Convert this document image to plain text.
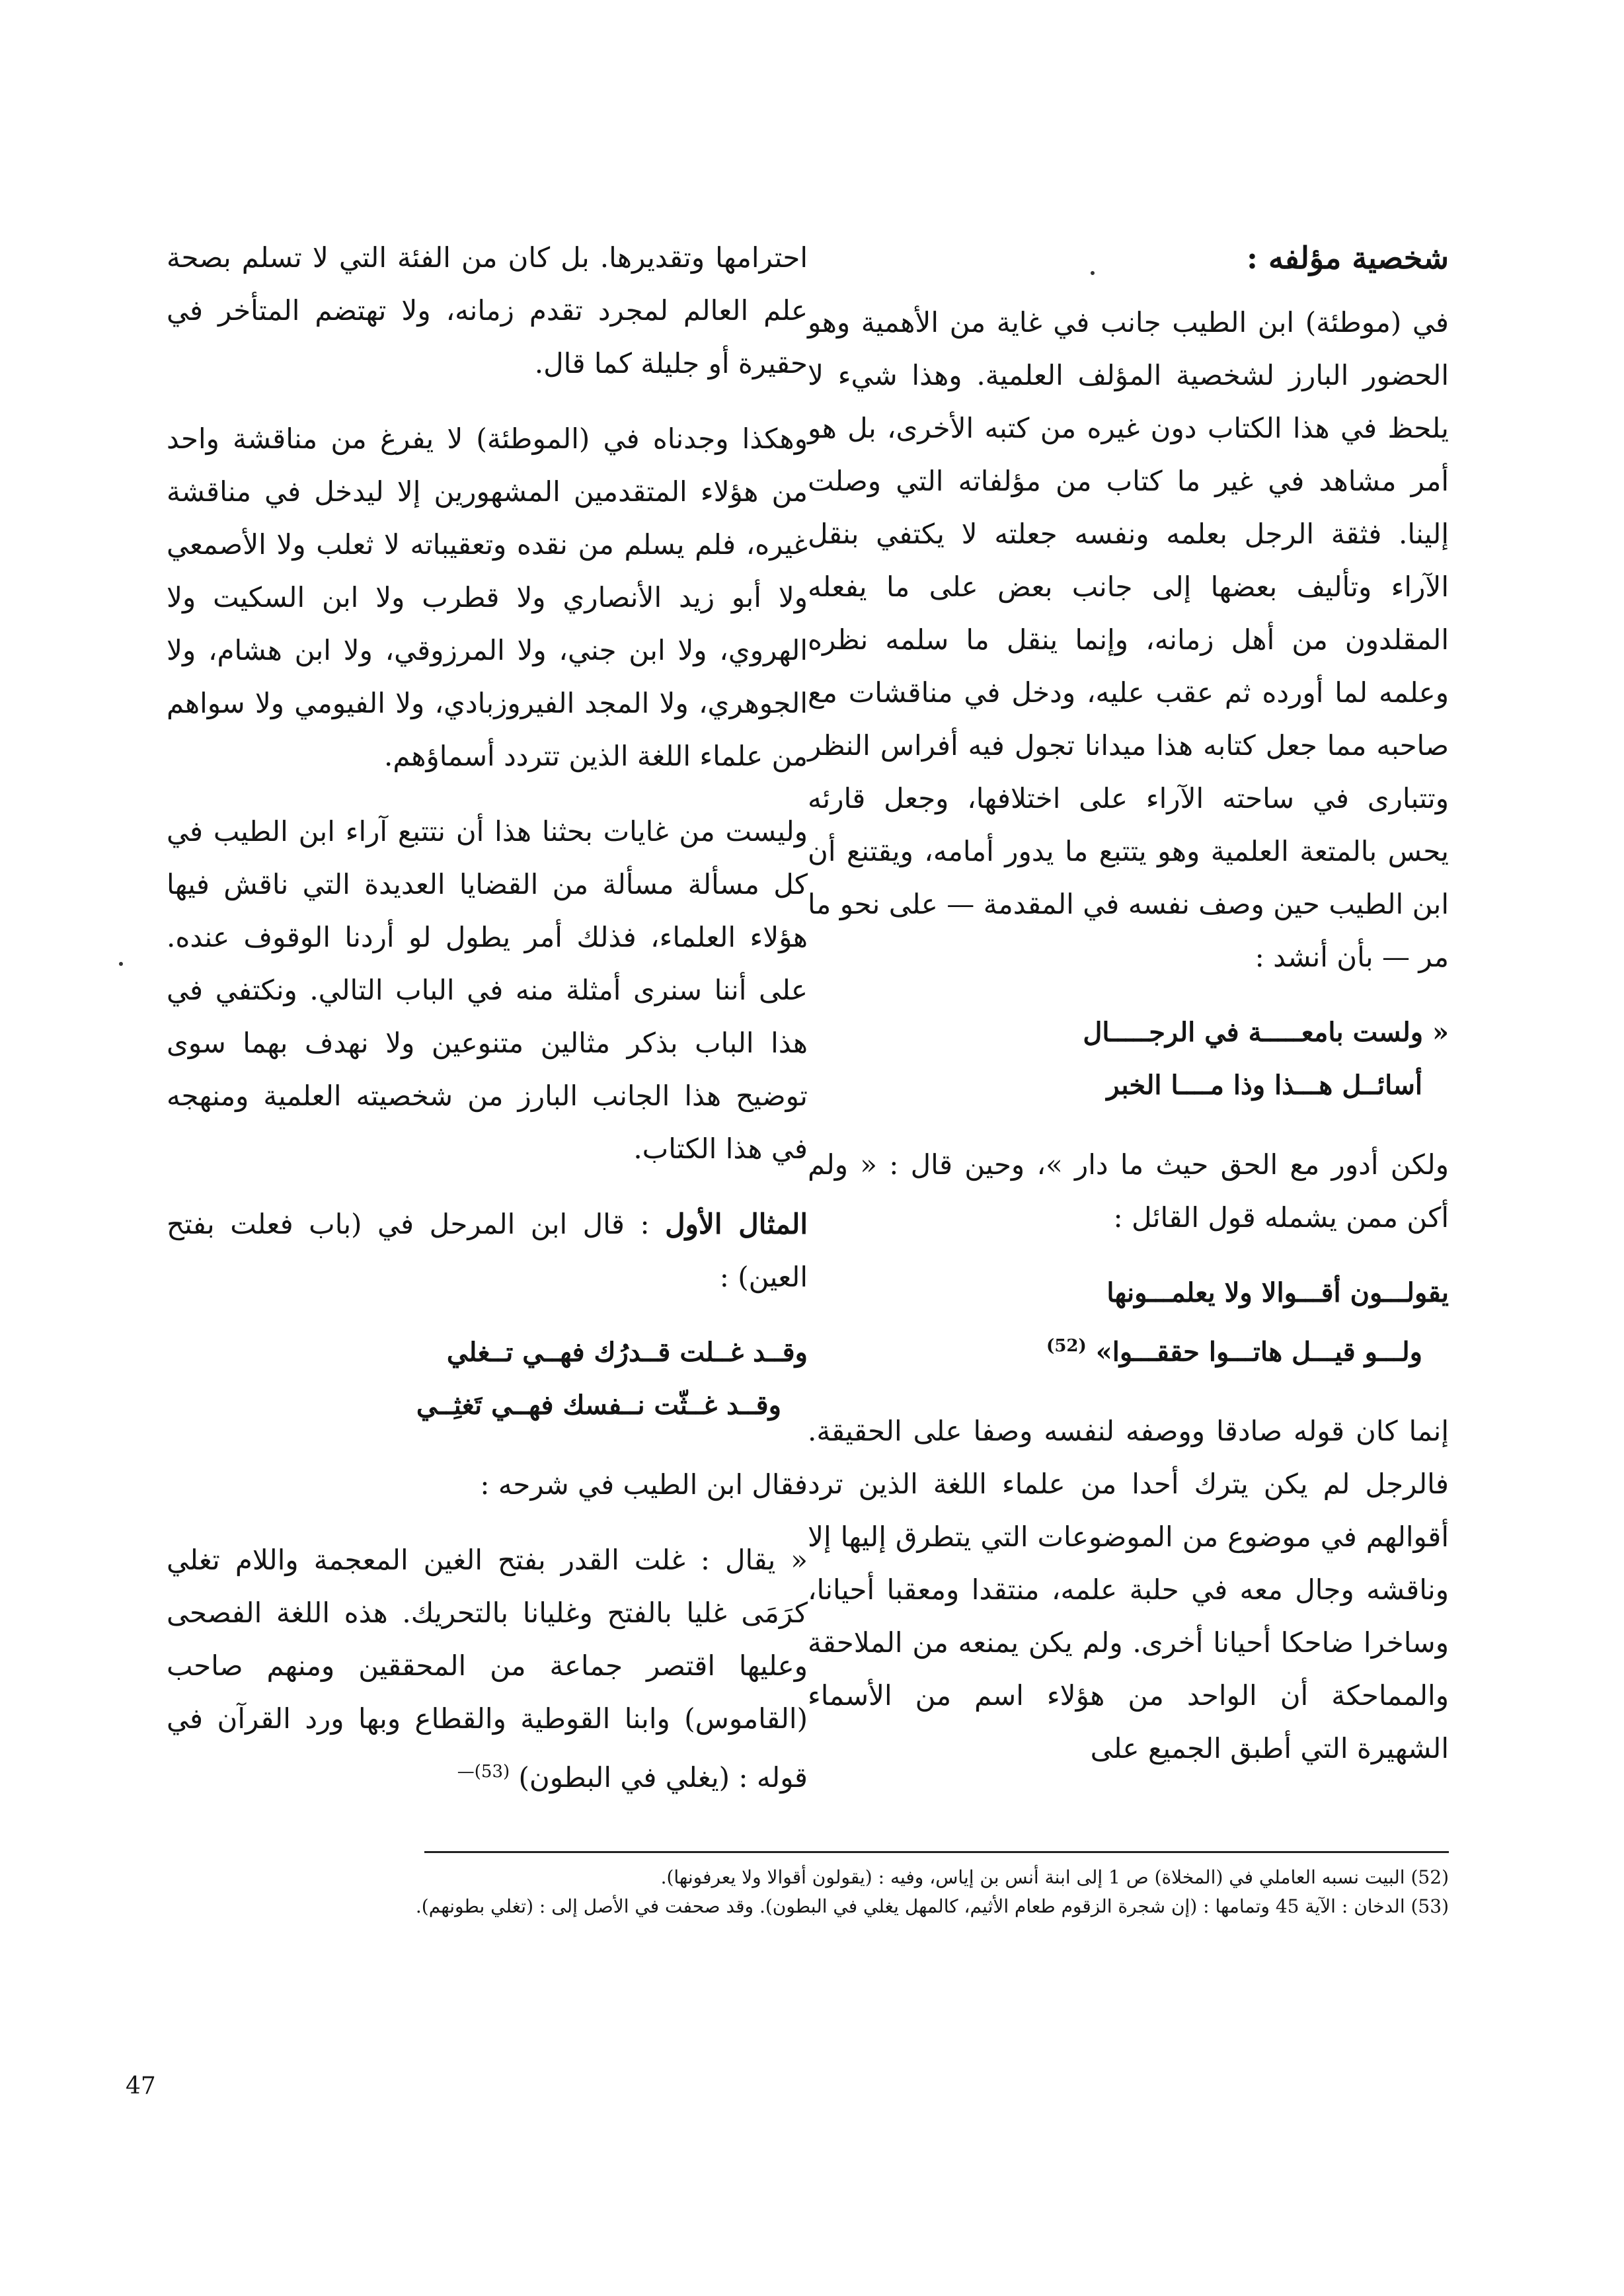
شخصية مؤلفه :

في (موطئة) ابن الطيب جانب في غاية من الأهمية وهو الحضور البارز لشخصية المؤلف العلمية. وهذا شيء لا يلحظ في هذا الكتاب دون غيره من كتبه الأخرى، بل هو أمر مشاهد في غير ما كتاب من مؤلفاته التي وصلت إلينا. فثقة الرجل بعلمه ونفسه جعلته لا يكتفي بنقل الآراء وتأليف بعضها إلى جانب بعض على ما يفعله المقلدون من أهل زمانه، وإنما ينقل ما سلمه نظره وعلمه لما أورده ثم عقب عليه، ودخل في مناقشات مع صاحبه مما جعل كتابه هذا ميدانا تجول فيه أفراس النظر وتتبارى في ساحته الآراء على اختلافها، وجعل قارئه يحس بالمتعة العلمية وهو يتتبع ما يدور أمامه، ويقتنع أن ابن الطيب حين وصف نفسه في المقدمة — على نحو ما مر — بأن أنشد :

« ولست بامعـــــة في الرجـــــال
أسائــل هـــذا وذا مــــا الخبر

ولكن أدور مع الحق حيث ما دار »، وحين قال : « ولم أكن ممن يشمله قول القائل :

يقولـــون أقـــوالا ولا يعلمـــونها
ولـــو قيـــل هاتـــوا حققـــوا» $^{(52)}$

إنما كان قوله صادقا ووصفه لنفسه وصفا على الحقيقة. فالرجل لم يكن يترك أحدا من علماء اللغة الذين ترد أقوالهم في موضوع من الموضوعات التي يتطرق إليها إلا وناقشه وجال معه في حلبة علمه، منتقدا ومعقبا أحيانا، وساخرا ضاحكا أحيانا أخرى. ولم يكن يمنعه من الملاحقة والمماحكة أن الواحد من هؤلاء اسم من الأسماء الشهيرة التي أطبق الجميع على

احترامها وتقديرها. بل كان من الفئة التي لا تسلم بصحة علم العالم لمجرد تقدم زمانه، ولا تهتضم المتأخر في حقيرة أو جليلة كما قال.

وهكذا وجدناه في (الموطئة) لا يفرغ من مناقشة واحد من هؤلاء المتقدمين المشهورين إلا ليدخل في مناقشة غيره، فلم يسلم من نقده وتعقيباته لا ثعلب ولا الأصمعي ولا أبو زيد الأنصاري ولا قطرب ولا ابن السكيت ولا الهروي، ولا ابن جني، ولا المرزوقي، ولا ابن هشام، ولا الجوهري، ولا المجد الفيروزبادي، ولا الفيومي ولا سواهم من علماء اللغة الذين تتردد أسماؤهم.

وليست من غايات بحثنا هذا أن نتتبع آراء ابن الطيب في كل مسألة مسألة من القضايا العديدة التي ناقش فيها هؤلاء العلماء، فذلك أمر يطول لو أردنا الوقوف عنده. على أننا سنرى أمثلة منه في الباب التالي. ونكتفي في هذا الباب بذكر مثالين متنوعين ولا نهدف بهما سوى توضيح هذا الجانب البارز من شخصيته العلمية ومنهجه في هذا الكتاب.

المثال الأول : قال ابن المرحل في (باب فعلت بفتح العين) :

وقــد غــلت قــدرُك فهــي تــغلي
وقــد غــثّت نــفسك فهــي تَغثِــي

فقال ابن الطيب في شرحه :

« يقال : غلت القدر بفتح الغين المعجمة واللام تغلي كرَمَى غليا بالفتح وغليانا بالتحريك. هذه اللغة الفصحى وعليها اقتصر جماعة من المحققين ومنهم صاحب (القاموس) وابنا القوطية والقطاع وبها ورد القرآن في قوله : (يغلي في البطون) $^{(53)—}$

(52) البيت نسبه العاملي في (المخلاة) ص 1 إلى ابنة أنس بن إياس، وفيه : (يقولون أقوالا ولا يعرفونها).
(53) الدخان : الآية 45 وتمامها : (إن شجرة الزقوم طعام الأثيم، كالمهل يغلي في البطون). وقد صحفت في الأصل إلى : (تغلي بطونهم).
47
